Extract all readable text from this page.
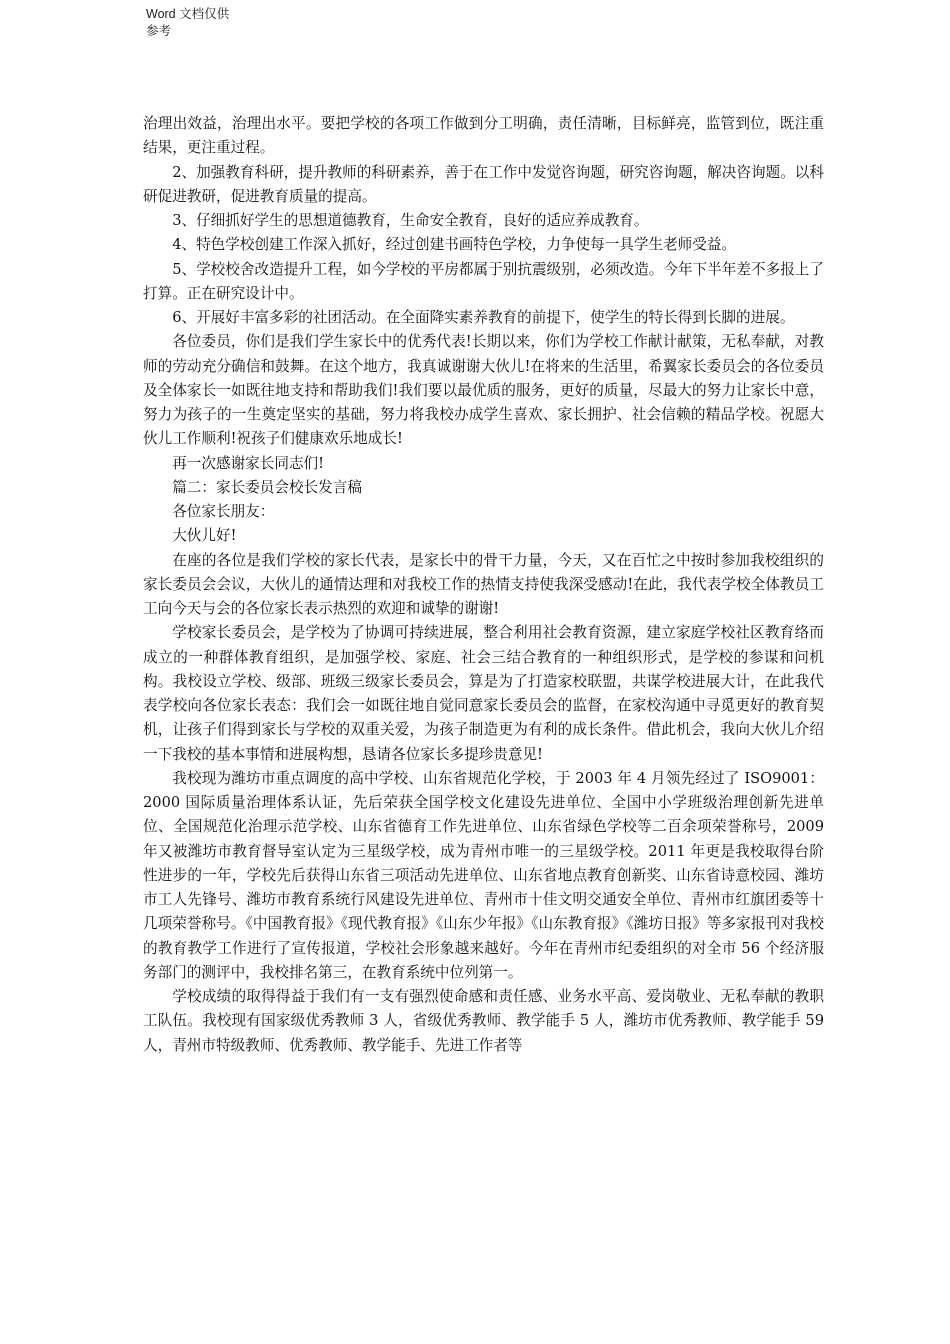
Word 文档仅供参考

治理出效益，治理出水平。要把学校的各项工作做到分工明确，责任清晰，目标鲜亮，监管到位，既注重结果，更注重过程。

2、加强教育科研，提升教师的科研素养，善于在工作中发觉咨询题，研究咨询题，解决咨询题。以科研促进教研，促进教育质量的提高。

3、仔细抓好学生的思想道德教育，生命安全教育，良好的适应养成教育。

4、特色学校创建工作深入抓好，经过创建书画特色学校，力争使每一具学生老师受益。

5、学校校舍改造提升工程，如今学校的平房都属于别抗震级别，必须改造。今年下半年差不多报上了打算。正在研究设计中。

6、开展好丰富多彩的社团活动。在全面降实素养教育的前提下，使学生的特长得到长脚的进展。

各位委员，你们是我们学生家长中的优秀代表!长期以来，你们为学校工作献计献策，无私奉献，对教师的劳动充分确信和鼓舞。在这个地方，我真诚谢谢大伙儿!在将来的生活里，希翼家长委员会的各位委员及全体家长一如既往地支持和帮助我们!我们要以最优质的服务，更好的质量，尽最大的努力让家长中意，努力为孩子的一生奠定坚实的基础，努力将我校办成学生喜欢、家长拥护、社会信赖的精品学校。祝愿大伙儿工作顺利!祝孩子们健康欢乐地成长!

再一次感谢家长同志们!

篇二：家长委员会校长发言稿

各位家长朋友：

大伙儿好!

在座的各位是我们学校的家长代表，是家长中的骨干力量，今天，又在百忙之中按时参加我校组织的家长委员会会议，大伙儿的通情达理和对我校工作的热情支持使我深受感动!在此，我代表学校全体教员工工向今天与会的各位家长表示热烈的欢迎和诚挚的谢谢!

学校家长委员会，是学校为了协调可持续进展，整合利用社会教育资源，建立家庭学校社区教育络而成立的一种群体教育组织，是加强学校、家庭、社会三结合教育的一种组织形式，是学校的参谋和问机构。我校设立学校、级部、班级三级家长委员会，算是为了打造家校联盟，共谋学校进展大计，在此我代表学校向各位家长表态：我们会一如既往地自觉同意家长委员会的监督，在家校沟通中寻觅更好的教育契机，让孩子们得到家长与学校的双重关爱，为孩子制造更为有利的成长条件。借此机会，我向大伙儿介绍一下我校的基本事情和进展构想，恳请各位家长多提珍贵意见!

我校现为潍坊市重点调度的高中学校、山东省规范化学校，于 2003 年 4 月领先经过了 ISO9001：2000 国际质量治理体系认证，先后荣获全国学校文化建设先进单位、全国中小学班级治理创新先进单位、全国规范化治理示范学校、山东省德育工作先进单位、山东省绿色学校等二百余项荣誉称号，2009 年又被潍坊市教育督导室认定为三星级学校，成为青州市唯一的三星级学校。2011 年更是我校取得台阶性进步的一年，学校先后获得山东省三项活动先进单位、山东省地点教育创新奖、山东省诗意校园、潍坊市工人先锋号、潍坊市教育系统行风建设先进单位、青州市十佳文明交通安全单位、青州市红旗团委等十几项荣誉称号。《中国教育报》《现代教育报》《山东少年报》《山东教育报》《潍坊日报》等多家报刊对我校的教育教学工作进行了宣传报道，学校社会形象越来越好。今年在青州市纪委组织的对全市 56 个经济服务部门的测评中，我校排名第三，在教育系统中位列第一。

学校成绩的取得得益于我们有一支有强烈使命感和责任感、业务水平高、爱岗敬业、无私奉献的教职工队伍。我校现有国家级优秀教师 3 人，省级优秀教师、教学能手 5 人，潍坊市优秀教师、教学能手 59 人，青州市特级教师、优秀教师、教学能手、先进工作者等
